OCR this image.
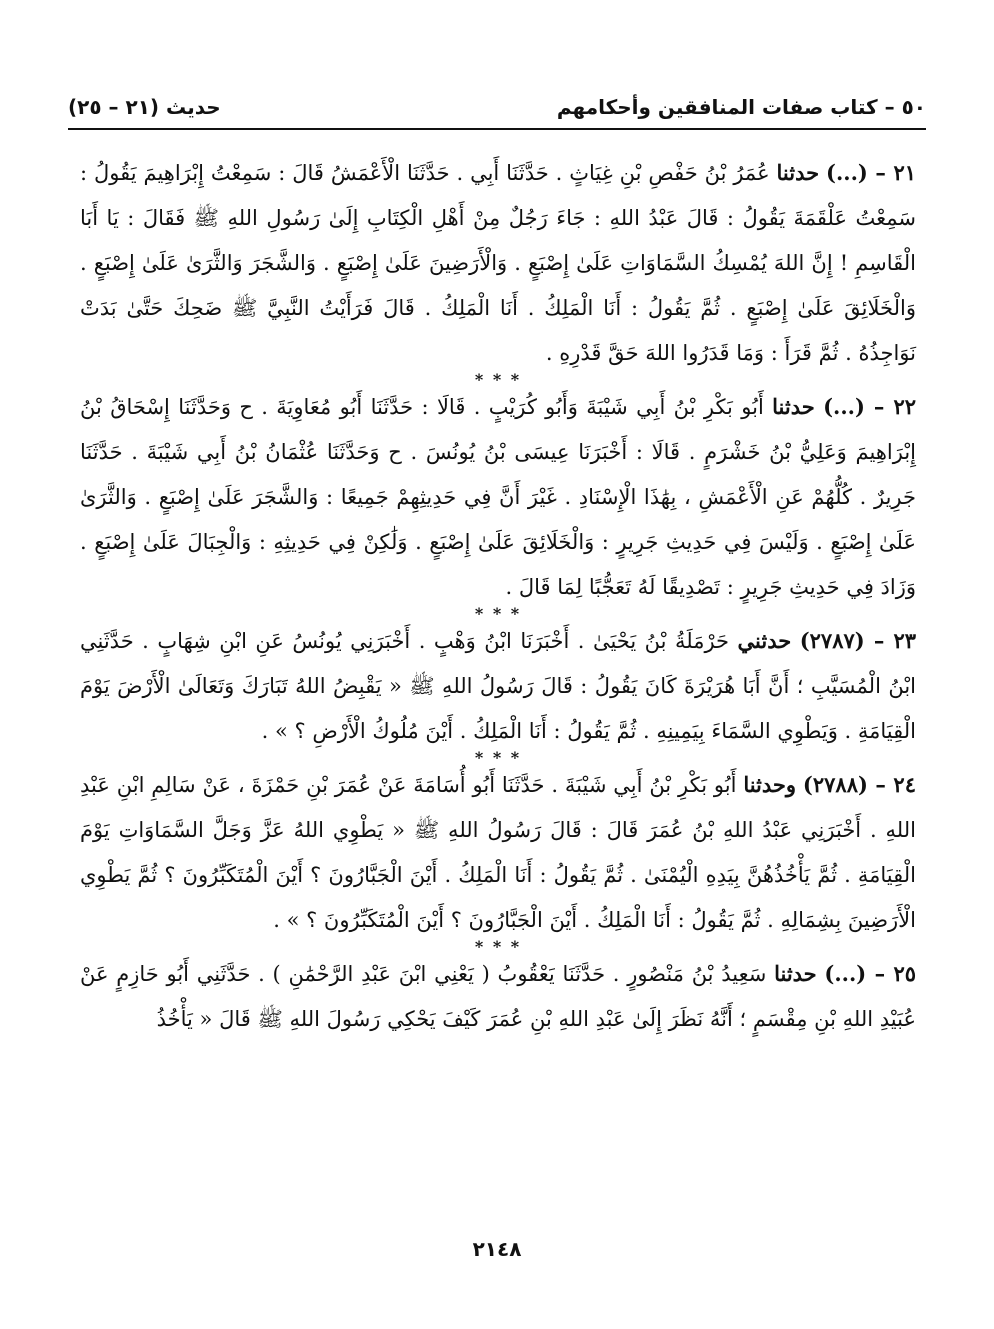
٥٠ – كتاب صفات المنافقين وأحكامهم
حديث (٢١ – ٢٥)

٢١ – (...) حدثنا عُمَرُ بْنُ حَفْصِ بْنِ غِيَاثٍ . حَدَّثَنَا أَبِي . حَدَّثَنَا الْأَعْمَشُ قَالَ : سَمِعْتُ إِبْرَاهِيمَ يَقُولُ : سَمِعْتُ عَلْقَمَةَ يَقُولُ : قَالَ عَبْدُ اللهِ : جَاءَ رَجُلٌ مِنْ أَهْلِ الْكِتَابِ إِلَىٰ رَسُولِ اللهِ ﷺ فَقَالَ : يَا أَبَا الْقَاسِمِ ! إِنَّ اللهَ يُمْسِكُ السَّمَاوَاتِ عَلَىٰ إِصْبَعٍ . وَالْأَرَضِينَ عَلَىٰ إِصْبَعٍ . وَالشَّجَرَ وَالثَّرَىٰ عَلَىٰ إِصْبَعٍ . وَالْخَلَائِقَ عَلَىٰ إِصْبَعٍ . ثُمَّ يَقُولُ : أَنَا الْمَلِكُ . أَنَا الْمَلِكُ . قَالَ فَرَأَيْتُ النَّبِيَّ ﷺ ضَحِكَ حَتَّىٰ بَدَتْ نَوَاجِذُهُ . ثُمَّ قَرَأَ : وَمَا قَدَرُوا اللهَ حَقَّ قَدْرِهِ .

* * *

٢٢ – (...) حدثنا أَبُو بَكْرِ بْنُ أَبِي شَيْبَةَ وَأَبُو كُرَيْبٍ . قَالَا : حَدَّثَنَا أَبُو مُعَاوِيَةَ . ح وَحَدَّثَنَا إِسْحَاقُ بْنُ إِبْرَاهِيمَ وَعَلِيُّ بْنُ خَشْرَمٍ . قَالَا : أَخْبَرَنَا عِيسَى بْنُ يُونُسَ . ح وَحَدَّثَنَا عُثْمَانُ بْنُ أَبِي شَيْبَةَ . حَدَّثَنَا جَرِيرٌ . كُلُّهُمْ عَنِ الْأَعْمَشِ ، بِهَٰذَا الْإِسْنَادِ . غَيْرَ أَنَّ فِي حَدِيثِهِمْ جَمِيعًا : وَالشَّجَرَ عَلَىٰ إِصْبَعٍ . وَالثَّرَىٰ عَلَىٰ إِصْبَعٍ . وَلَيْسَ فِي حَدِيثِ جَرِيرٍ : وَالْخَلَائِقَ عَلَىٰ إِصْبَعٍ . وَلَٰكِنْ فِي حَدِيثِهِ : وَالْجِبَالَ عَلَىٰ إِصْبَعٍ . وَزَادَ فِي حَدِيثِ جَرِيرٍ : تَصْدِيقًا لَهُ تَعَجُّبًا لِمَا قَالَ .

* * *

٢٣ – (٢٧٨٧) حدثني حَرْمَلَةُ بْنُ يَحْيَىٰ . أَخْبَرَنَا ابْنُ وَهْبٍ . أَخْبَرَنِي يُونُسُ عَنِ ابْنِ شِهَابٍ . حَدَّثَنِي ابْنُ الْمُسَيَّبِ ؛ أَنَّ أَبَا هُرَيْرَةَ كَانَ يَقُولُ : قَالَ رَسُولُ اللهِ ﷺ « يَقْبِضُ اللهُ تَبَارَكَ وَتَعَالَىٰ الْأَرْضَ يَوْمَ الْقِيَامَةِ . وَيَطْوِي السَّمَاءَ بِيَمِينِهِ . ثُمَّ يَقُولُ : أَنَا الْمَلِكُ . أَيْنَ مُلُوكُ الْأَرْضِ ؟ » .

* * *

٢٤ – (٢٧٨٨) وحدثنا أَبُو بَكْرِ بْنُ أَبِي شَيْبَةَ . حَدَّثَنَا أَبُو أُسَامَةَ عَنْ عُمَرَ بْنِ حَمْزَةَ ، عَنْ سَالِمِ ابْنِ عَبْدِ اللهِ . أَخْبَرَنِي عَبْدُ اللهِ بْنُ عُمَرَ قَالَ : قَالَ رَسُولُ اللهِ ﷺ « يَطْوِي اللهُ عَزَّ وَجَلَّ السَّمَاوَاتِ يَوْمَ الْقِيَامَةِ . ثُمَّ يَأْخُذُهُنَّ بِيَدِهِ الْيُمْنَىٰ . ثُمَّ يَقُولُ : أَنَا الْمَلِكُ . أَيْنَ الْجَبَّارُونَ ؟ أَيْنَ الْمُتَكَبِّرُونَ ؟ ثُمَّ يَطْوِي الْأَرَضِينَ بِشِمَالِهِ . ثُمَّ يَقُولُ : أَنَا الْمَلِكُ . أَيْنَ الْجَبَّارُونَ ؟ أَيْنَ الْمُتَكَبِّرُونَ ؟ » .

* * *

٢٥ – (...) حدثنا سَعِيدُ بْنُ مَنْصُورٍ . حَدَّثَنَا يَعْقُوبُ ( يَعْنِي ابْنَ عَبْدِ الرَّحْمَٰنِ ) . حَدَّثَنِي أَبُو حَازِمٍ عَنْ عُبَيْدِ اللهِ بْنِ مِقْسَمٍ ؛ أَنَّهُ نَظَرَ إِلَىٰ عَبْدِ اللهِ بْنِ عُمَرَ كَيْفَ يَحْكِي رَسُولَ اللهِ ﷺ قَالَ « يَأْخُذُ

٢١٤٨
